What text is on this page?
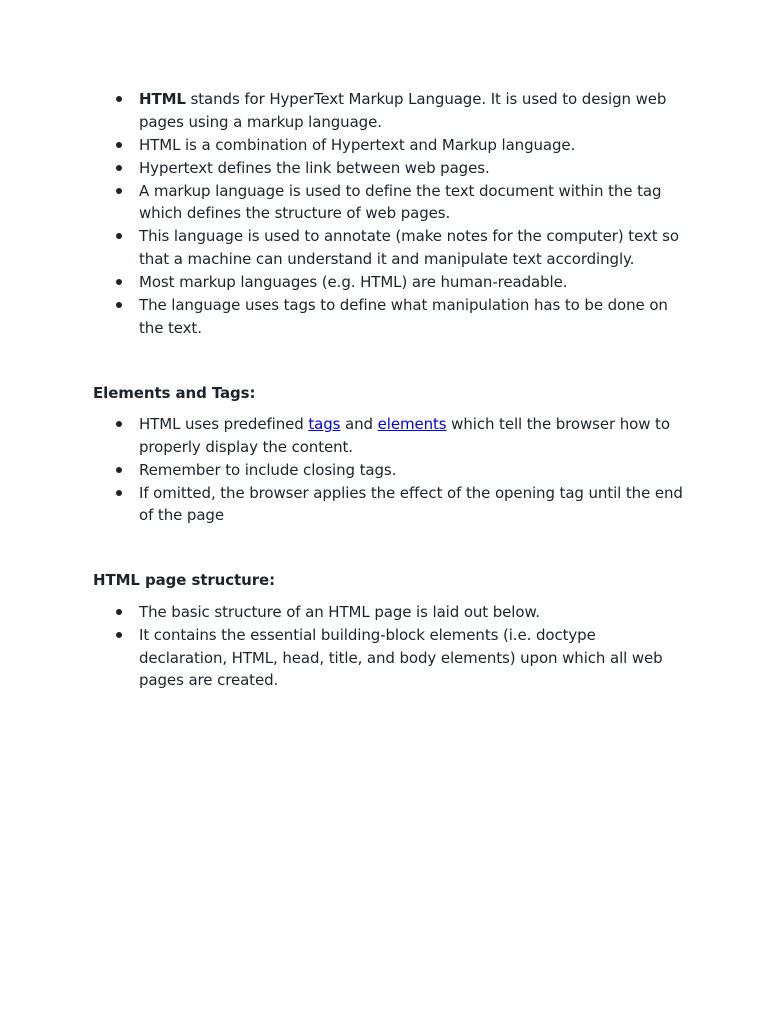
HTML stands for HyperText Markup Language. It is used to design web pages using a markup language.
HTML is a combination of Hypertext and Markup language.
Hypertext defines the link between web pages.
A markup language is used to define the text document within the tag which defines the structure of web pages.
This language is used to annotate (make notes for the computer) text so that a machine can understand it and manipulate text accordingly.
Most markup languages (e.g. HTML) are human-readable.
The language uses tags to define what manipulation has to be done on the text.

Elements and Tags:

HTML uses predefined tags and elements which tell the browser how to properly display the content.
Remember to include closing tags.
If omitted, the browser applies the effect of the opening tag until the end of the page

HTML page structure:

The basic structure of an HTML page is laid out below.
It contains the essential building-block elements (i.e. doctype declaration, HTML, head, title, and body elements) upon which all web pages are created.
